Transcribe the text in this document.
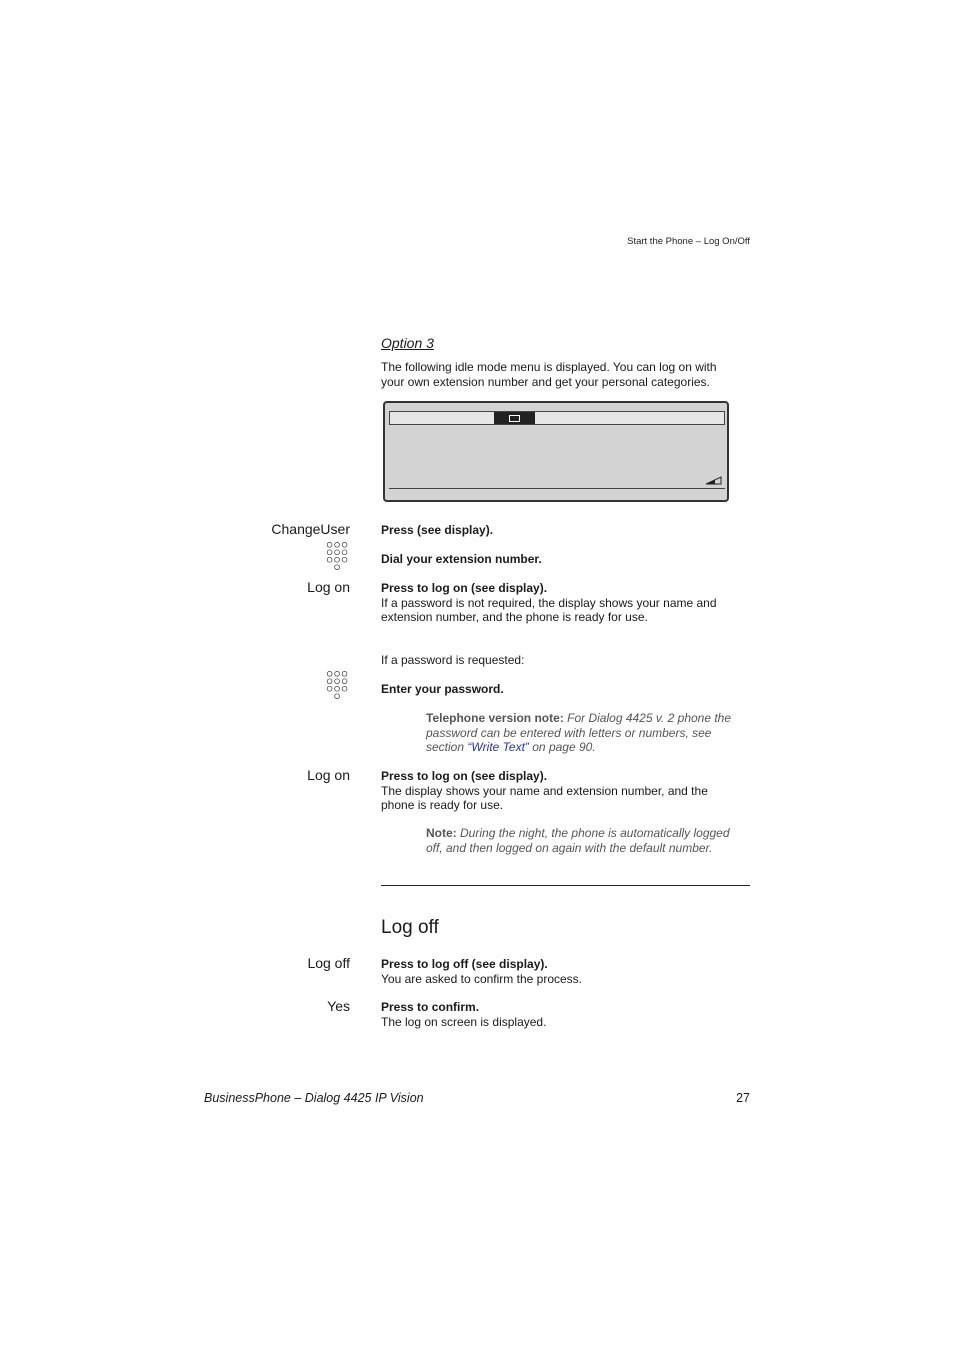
Start the Phone – Log On/Off
Option 3
The following idle mode menu is displayed. You can log on with
your own extension number and get your personal categories.
ChangeUser	Press (see display).
Dial your extension number.
Log on	Press to log on (see display).
If a password is not required, the display shows your name and
extension number, and the phone is ready for use.
If a password is requested:
Enter your password.
Telephone version note: For Dialog 4425 v. 2 phone the
password can be entered with letters or numbers, see
section “Write Text” on page 90.
Log on	Press to log on (see display).
The display shows your name and extension number, and the
phone is ready for use.
Note: During the night, the phone is automatically logged
off, and then logged on again with the default number.
Log off
Log off	Press to log off (see display).
You are asked to confirm the process.
Yes	Press to confirm.
The log on screen is displayed.
BusinessPhone – Dialog 4425 IP Vision	27
